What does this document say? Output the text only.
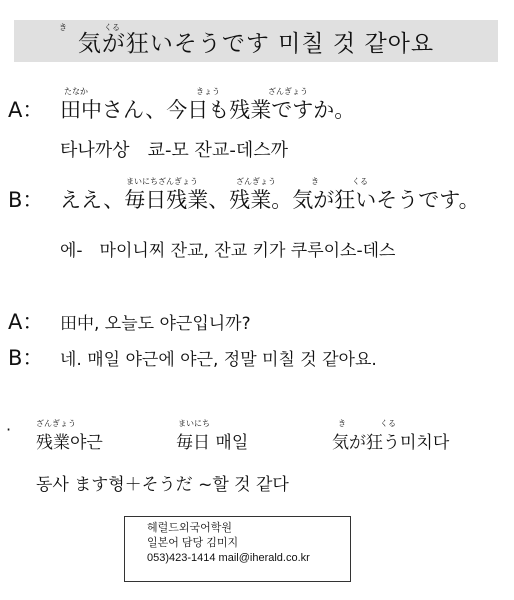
気が狂いそうです 미칠 것 같아요
き	くる
たなか	きょう	ざんぎょう
A： 田中さん、今日も残業ですか。
타나까상　쿄-모 잔교-데스까
まいにちざんぎょう	ざんぎょう	き	くる
B： ええ、毎日残業、残業。気が狂いそうです。
에-　마이니찌 잔교, 잔교 키가 쿠루이소-데스
A： 田中, 오늘도 야근입니까?
B： 네. 매일 야근에 야근, 정말 미칠 것 같아요.
·	ざんぎょう
残業야근
まいにち
毎日 매일
き	くる
気が狂う미치다
동사 ます형＋そうだ ~할 것 같다
헤럴드외국어학원
일본어 담당 김미지
053)423-1414 mail@iherald.co.kr
